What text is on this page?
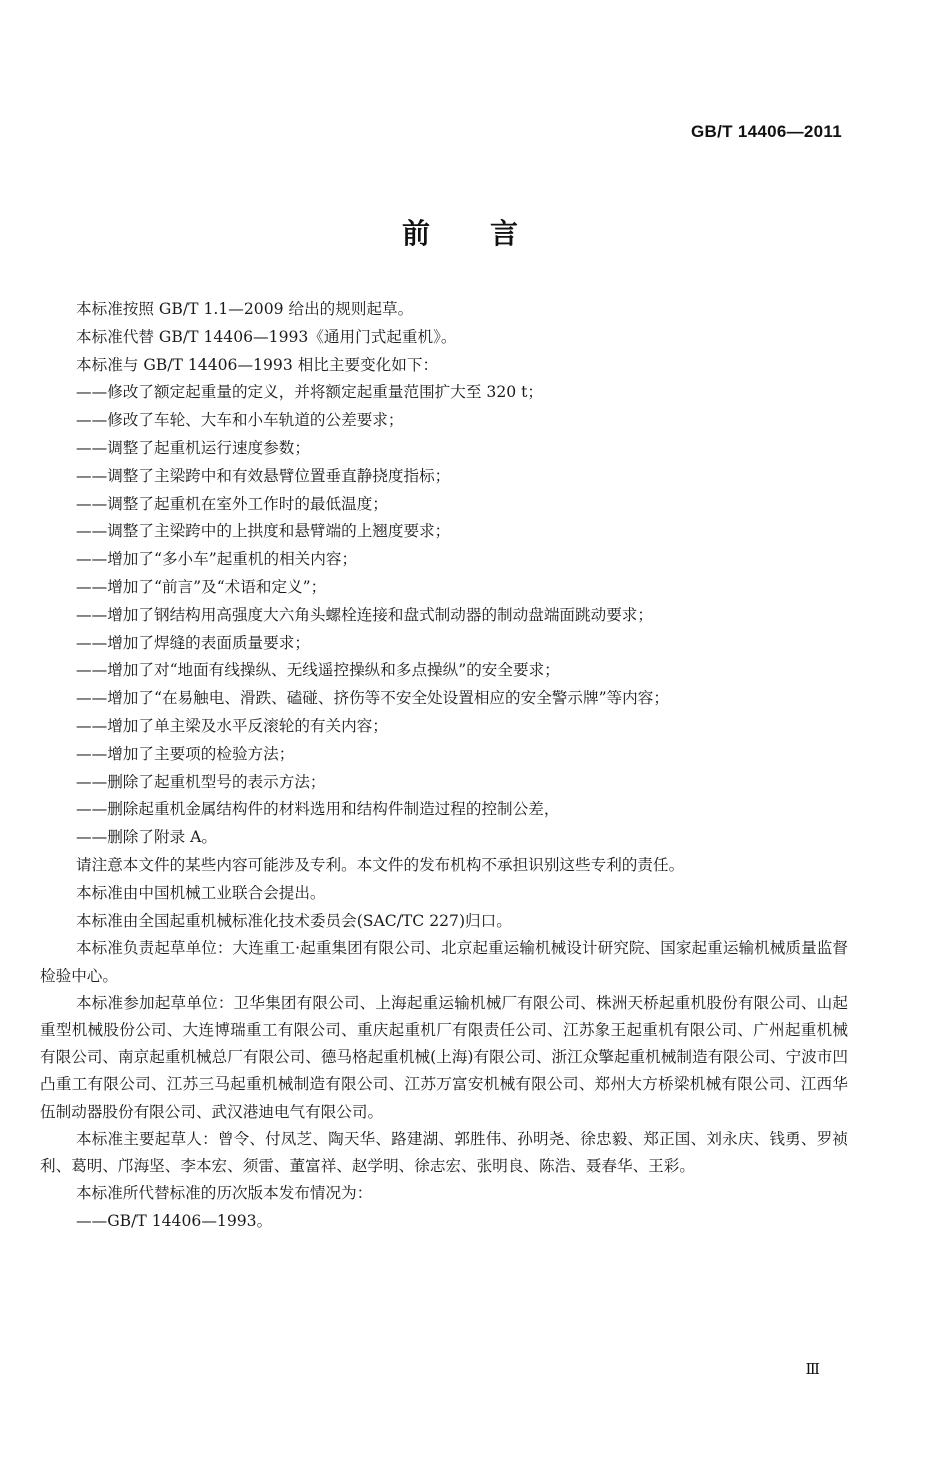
GB/T 14406—2011
前言

本标准按照 GB/T 1.1—2009 给出的规则起草。

本标准代替 GB/T 14406—1993《通用门式起重机》。

本标准与 GB/T 14406—1993 相比主要变化如下：

——修改了额定起重量的定义，并将额定起重量范围扩大至 320 t；

——修改了车轮、大车和小车轨道的公差要求；

——调整了起重机运行速度参数；

——调整了主梁跨中和有效悬臂位置垂直静挠度指标；

——调整了起重机在室外工作时的最低温度；

——调整了主梁跨中的上拱度和悬臂端的上翘度要求；

——增加了“多小车”起重机的相关内容；

——增加了“前言”及“术语和定义”；

——增加了钢结构用高强度大六角头螺栓连接和盘式制动器的制动盘端面跳动要求；

——增加了焊缝的表面质量要求；

——增加了对“地面有线操纵、无线遥控操纵和多点操纵”的安全要求；

——增加了“在易触电、滑跌、磕碰、挤伤等不安全处设置相应的安全警示牌”等内容；

——增加了单主梁及水平反滚轮的有关内容；

——增加了主要项的检验方法；

——删除了起重机型号的表示方法；

——删除起重机金属结构件的材料选用和结构件制造过程的控制公差，

——删除了附录 A。

请注意本文件的某些内容可能涉及专利。本文件的发布机构不承担识别这些专利的责任。

本标准由中国机械工业联合会提出。

本标准由全国起重机械标准化技术委员会(SAC/TC 227)归口。

本标准负责起草单位：大连重工·起重集团有限公司、北京起重运输机械设计研究院、国家起重运输机械质量监督检验中心。

本标准参加起草单位：卫华集团有限公司、上海起重运输机械厂有限公司、株洲天桥起重机股份有限公司、山起重型机械股份公司、大连博瑞重工有限公司、重庆起重机厂有限责任公司、江苏象王起重机有限公司、广州起重机械有限公司、南京起重机械总厂有限公司、德马格起重机械(上海)有限公司、浙江众擎起重机械制造有限公司、宁波市凹凸重工有限公司、江苏三马起重机械制造有限公司、江苏万富安机械有限公司、郑州大方桥梁机械有限公司、江西华伍制动器股份有限公司、武汉港迪电气有限公司。

本标准主要起草人：曾令、付凤芝、陶天华、路建湖、郭胜伟、孙明尧、徐忠毅、郑正国、刘永庆、钱勇、罗祯利、葛明、邝海坚、李本宏、须雷、董富祥、赵学明、徐志宏、张明良、陈浩、聂春华、王彩。

本标准所代替标准的历次版本发布情况为：

——GB/T 14406—1993。

Ⅲ
